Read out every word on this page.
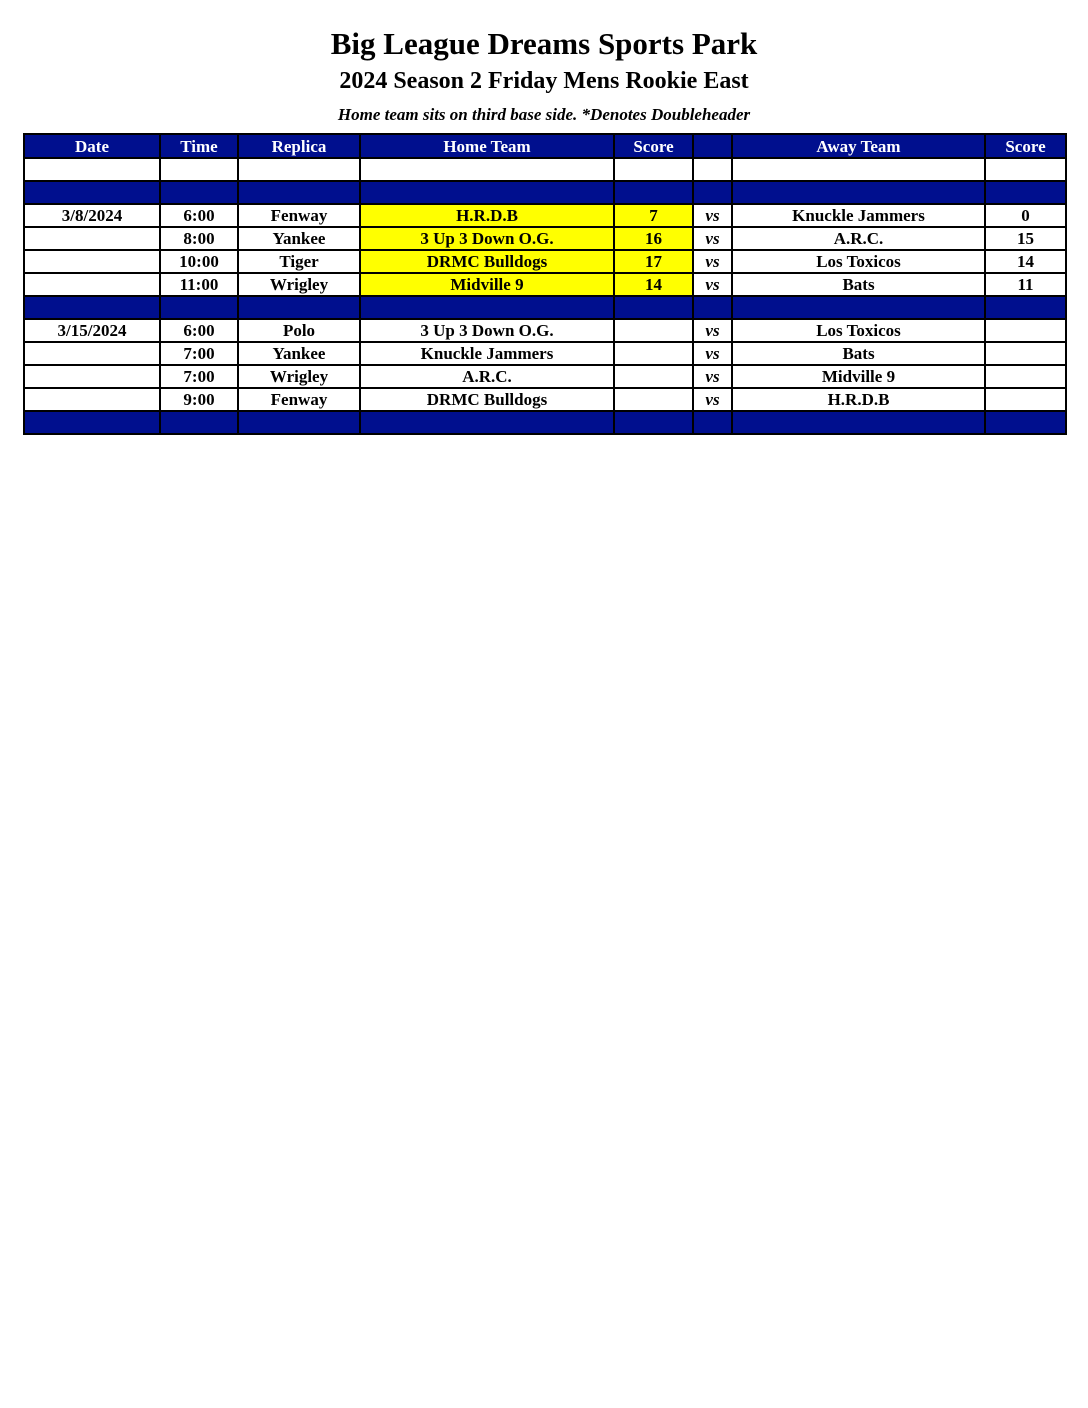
Big League Dreams Sports Park
2024 Season 2 Friday Mens Rookie East
Home team sits on third base side. *Denotes Doubleheader
Date	Time	Replica	Home Team	Score		Away Team	Score

3/8/2024	6:00	Fenway	H.R.D.B	7	vs	Knuckle Jammers	0
	8:00	Yankee	3 Up 3 Down O.G.	16	vs	A.R.C.	15
	10:00	Tiger	DRMC Bulldogs	17	vs	Los Toxicos	14
	11:00	Wrigley	Midville 9	14	vs	Bats	11

3/15/2024	6:00	Polo	3 Up 3 Down O.G.		vs	Los Toxicos	
	7:00	Yankee	Knuckle Jammers		vs	Bats	
	7:00	Wrigley	A.R.C.		vs	Midville 9	
	9:00	Fenway	DRMC Bulldogs		vs	H.R.D.B	
